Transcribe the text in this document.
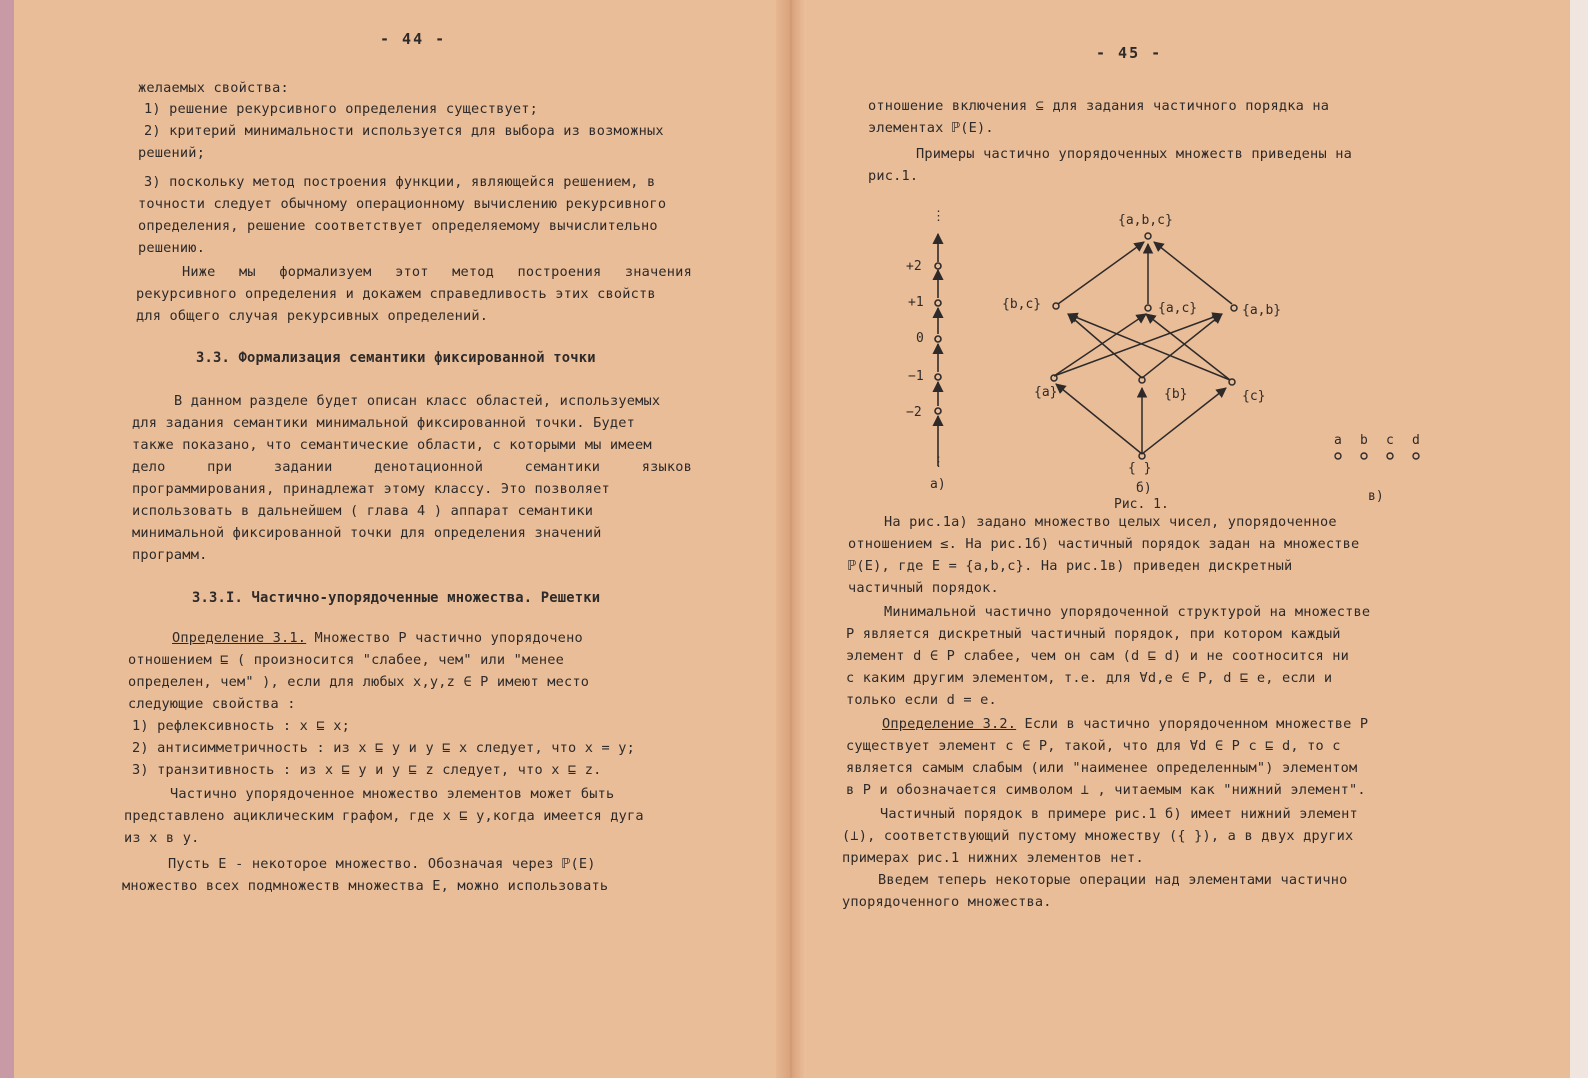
- 44 -
желаемых свойства:
1) решение рекурсивного определения существует;
2) критерий минимальности используется для выбора из возможных
решений;
3) поскольку метод построения функции, являющейся решением, в
точности следует обычному операционному вычислению рекурсивного
определения, решение соответствует определяемому вычислительно
решению.
Ниже мы формализуем этот метод построения значения
рекурсивного определения и докажем справедливость этих свойств
для общего случая рекурсивных определений.
3.3. Формализация семантики фиксированной точки
В данном разделе будет описан класс областей, используемых
для задания семантики минимальной фиксированной точки. Будет
также показано, что семантические области, с которыми мы имеем
дело	при	задании	денотационной	семантики	языков
программирования, принадлежат этому классу. Это позволяет
использовать в дальнейшем ( глава 4 ) аппарат семантики
минимальной фиксированной точки для определения значений
программ.
3.3.I. Частично-упорядоченные множества. Решетки
Определение 3.1. Множество P частично упорядочено
отношением ⊑ ( произносится "слабее, чем" или "менее
определен, чем" ), если для любых x,y,z ∈ P имеют место
следующие свойства :
1) рефлексивность : x ⊑ x;
2) антисимметричность : из x ⊑ y и y ⊑ x следует, что x = y;
3) транзитивность : из x ⊑ y и y ⊑ z следует, что x ⊑ z.
Частично упорядоченное множество элементов может быть
представлено ациклическим графом, где x ⊑ y,когда имеется дуга
из x в y.
Пусть E - некоторое множество. Обозначая через ℙ(E)
множество всех подмножеств множества E, можно использовать
- 45 -
отношение включения ⊆ для задания частичного порядка на
элементах ℙ(E).
Примеры частично упорядоченных множеств приведены на
рис.1.
⋮
⋮
+2
+1
0
−1
−2
а)
{a,b,c}
{b,c}	{a,c}	{a,b}
{a}	{b}	{c}
{ }
б)
Рис. 1.
a b c d
в)
На рис.1а) задано множество целых чисел, упорядоченное
отношением ≤. На рис.1б) частичный порядок задан на множестве
ℙ(E), где E = {a,b,c}. На рис.1в) приведен дискретный
частичный порядок.
Минимальной частично упорядоченной структурой на множестве
P является дискретный частичный порядок, при котором каждый
элемент d ∈ P слабее, чем он сам (d ⊑ d) и не соотносится ни
с каким другим элементом, т.е. для ∀d,e ∈ P, d ⊑ e, если и
только если d = e.
Определение 3.2. Если в частично упорядоченном множестве P
существует элемент c ∈ P, такой, что для ∀d ∈ P c ⊑ d, то c
является самым слабым (или "наименее определенным") элементом
в P и обозначается символом ⊥ , читаемым как "нижний элемент".
Частичный порядок в примере рис.1 б) имеет нижний элемент
(⊥), соответствующий пустому множеству ({ }), а в двух других
примерах рис.1 нижних элементов нет.
Введем теперь некоторые операции над элементами частично
упорядоченного множества.
